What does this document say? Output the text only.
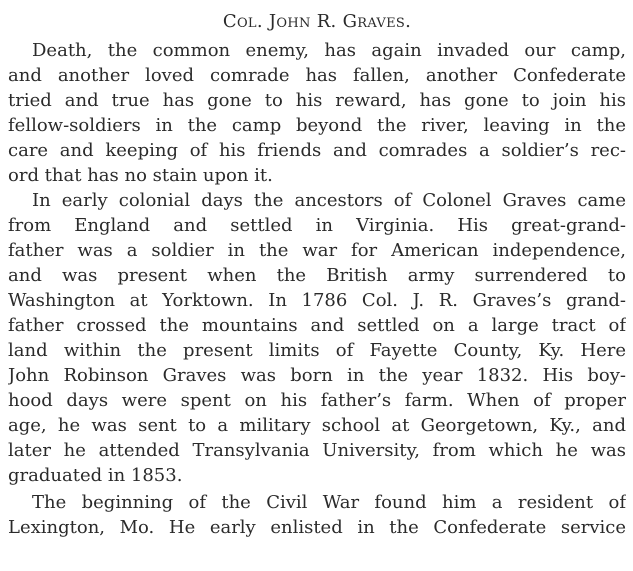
Col. John R. Graves.
Death, the common enemy, has again invaded our camp,
and another loved comrade has fallen, another Confederate
tried and true has gone to his reward, has gone to join his
fellow-soldiers in the camp beyond the river, leaving in the
care and keeping of his friends and comrades a soldier’s rec-
ord that has no stain upon it.
In early colonial days the ancestors of Colonel Graves came
from England and settled in Virginia. His great-grand-
father was a soldier in the war for American independence,
and was present when the British army surrendered to
Washington at Yorktown. In 1786 Col. J. R. Graves’s grand-
father crossed the mountains and settled on a large tract of
land within the present limits of Fayette County, Ky. Here
John Robinson Graves was born in the year 1832. His boy-
hood days were spent on his father’s farm. When of proper
age, he was sent to a military school at Georgetown, Ky., and
later he attended Transylvania University, from which he was
graduated in 1853.
The beginning of the Civil War found him a resident of
Lexington, Mo. He early enlisted in the Confederate service
